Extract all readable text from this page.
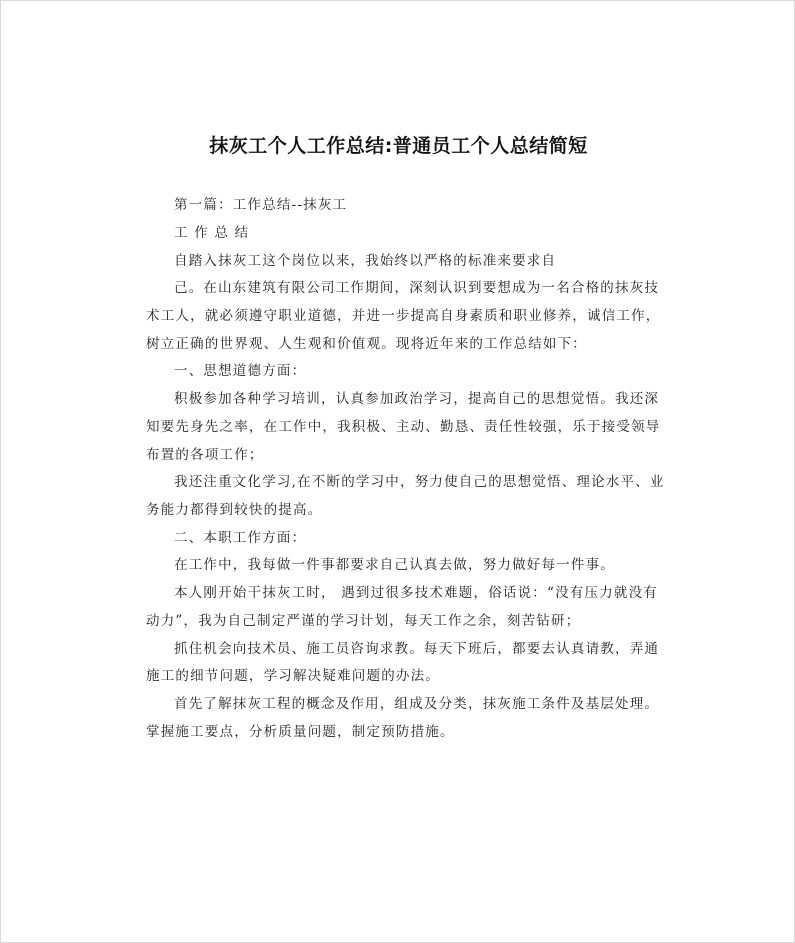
抹灰工个人工作总结:普通员工个人总结简短
第一篇：工作总结--抹灰工
工 作 总 结
自踏入抹灰工这个岗位以来，我始终以严格的标准来要求自
己。在山东建筑有限公司工作期间，深刻认识到要想成为一名合格的抹灰技
术工人，就必须遵守职业道德，并进一步提高自身素质和职业修养，诚信工作，
树立正确的世界观、人生观和价值观。现将近年来的工作总结如下：
一、思想道德方面：
积极参加各种学习培训，认真参加政治学习，提高自己的思想觉悟。我还深
知要先身先之率，在工作中，我积极、主动、勤恳、责任性较强，乐于接受领导
布置的各项工作；
我还注重文化学习,在不断的学习中，努力使自己的思想觉悟、理论水平、业
务能力都得到较快的提高。
二、本职工作方面：
在工作中，我每做一件事都要求自己认真去做，努力做好每一件事。
本人刚开始干抹灰工时， 遇到过很多技术难题，俗话说：“没有压力就没有
动力”，我为自己制定严谨的学习计划，每天工作之余，刻苦钻研；
抓住机会向技术员、施工员咨询求教。每天下班后，都要去认真请教，弄通
施工的细节问题，学习解决疑难问题的办法。
首先了解抹灰工程的概念及作用，组成及分类，抹灰施工条件及基层处理。
掌握施工要点，分析质量问题，制定预防措施。
